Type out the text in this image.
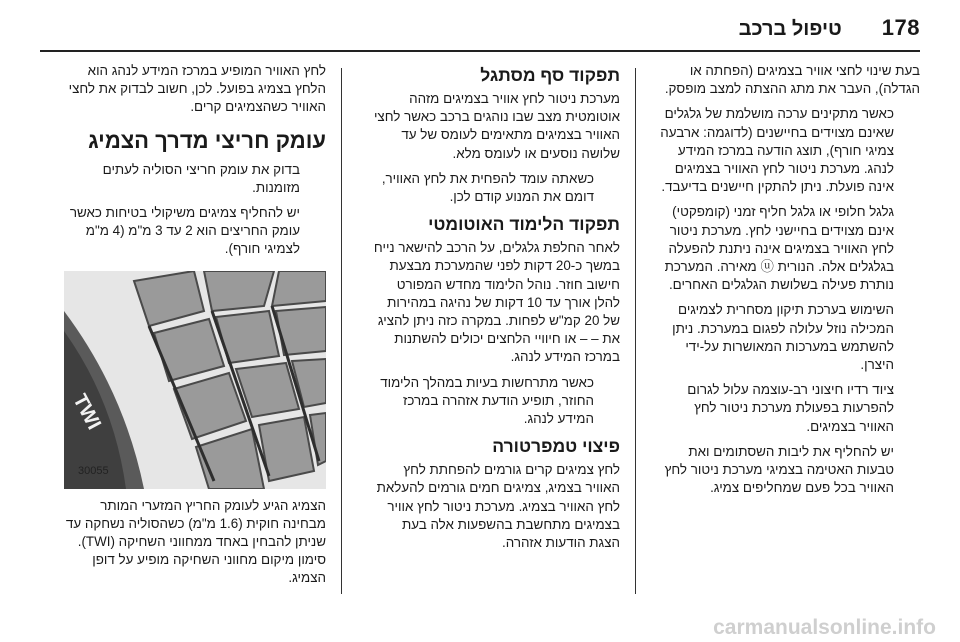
טיפול ברכב 178

בעת שינוי לחצי אוויר בצמיגים (הפחתה או הגדלה), העבר את מתג ההצתה למצב מופסק.

כאשר מתקינים ערכה מושלמת של גלגלים שאינם מצוידים בחיישנים (לדוגמה: ארבעה צמיגי חורף), תוצג הודעה במרכז המידע לנהג. מערכת ניטור לחץ האוויר בצמיגים אינה פועלת. ניתן להתקין חיישנים בדיעבד.

גלגל חלופי או גלגל חליף זמני (קומפקטי) אינם מצוידים בחיישני לחץ. מערכת ניטור לחץ האוויר בצמיגים אינה ניתנת להפעלה בגלגלים אלה. הנורית ⓤ מאירה. המערכת נותרת פעילה בשלושת הגלגלים האחרים.

השימוש בערכת תיקון מסחרית לצמיגים המכילה נוזל עלולה לפגום במערכת. ניתן להשתמש במערכות המאושרות על-ידי היצרן.

ציוד רדיו חיצוני רב-עוצמה עלול לגרום להפרעות בפעולת מערכת ניטור לחץ האוויר בצמיגים.

יש להחליף את ליבות השסתומים ואת טבעות האטימה בצמיגי מערכת ניטור לחץ האוויר בכל פעם שמחליפים צמיג.

תפקוד סף מסתגל

מערכת ניטור לחץ אוויר בצמיגים מזהה אוטומטית מצב שבו נוהגים ברכב כאשר לחצי האוויר בצמיגים מתאימים לעומס של עד שלושה נוסעים או לעומס מלא.

כשאתה עומד להפחית את לחץ האוויר, דומם את המנוע קודם לכן.

תפקוד הלימוד האוטומטי

לאחר החלפת גלגלים, על הרכב להישאר נייח במשך כ-20 דקות לפני שהמערכת מבצעת חישוב חוזר. נוהל הלימוד מחדש המפורט להלן אורך עד 10 דקות של נהיגה במהירות של 20 קמ"ש לפחות. במקרה כזה ניתן להציג את – – או חיוויי הלחצים יכולים להשתנות במרכז המידע לנהג.

כאשר מתרחשות בעיות במהלך הלימוד החוזר, תופיע הודעת אזהרה במרכז המידע לנהג.

פיצוי טמפרטורה

לחץ צמיגים קרים גורמים להפחתת לחץ האוויר בצמיג, צמיגים חמים גורמים להעלאת לחץ האוויר בצמיג. מערכת ניטור לחץ אוויר בצמיגים מתחשבת בהשפעות אלה בעת הצגת הודעות אזהרה.

לחץ האוויר המופיע במרכז המידע לנהג הוא הלחץ בצמיג בפועל. לכן, חשוב לבדוק את לחצי האוויר כשהצמיגים קרים.

עומק חריצי מדרך הצמיג

בדוק את עומק חריצי הסוליה לעתים מזומנות.

יש להחליף צמיגים משיקולי בטיחות כאשר עומק החריצים הוא 2 עד 3 מ"מ (4 מ"מ לצמיגי חורף).

TWI
30055

הצמיג הגיע לעומק החריץ המזערי המותר מבחינה חוקית (1.6 מ"מ) כשהסוליה נשחקה עד שניתן להבחין באחד ממחווני השחיקה (TWI). סימון מיקום מחווני השחיקה מופיע על דופן הצמיג.

carmanualsonline.info
